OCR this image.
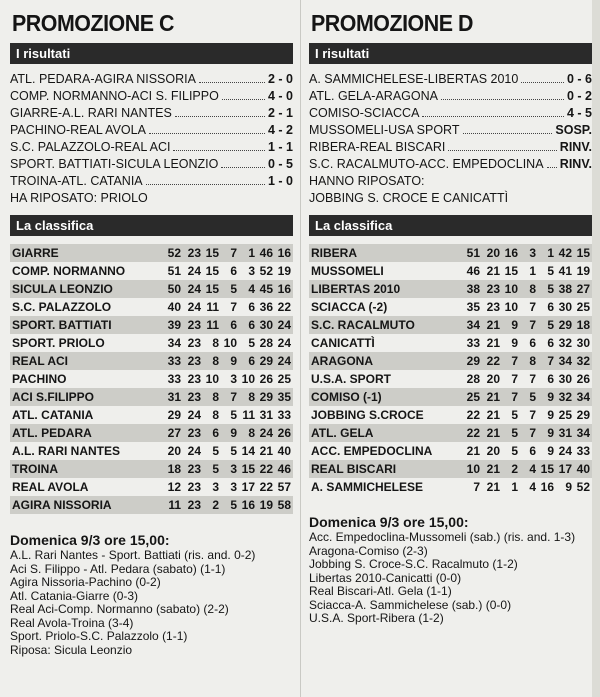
PROMOZIONE C
I risultati
ATL. PEDARA-AGIRA NISSORIA	2 - 0
COMP. NORMANNO-ACI S. FILIPPO	4 - 0
GIARRE-A.L. RARI NANTES	2 - 1
PACHINO-REAL AVOLA	4 - 2
S.C. PALAZZOLO-REAL ACI	1 - 1
SPORT. BATTIATI-SICULA LEONZIO	0 - 5
TROINA-ATL. CATANIA	1 - 0
HA RIPOSATO: PRIOLO
La classifica
GIARRE	52	23	15	7	1	46	16
COMP. NORMANNO	51	24	15	6	3	52	19
SICULA LEONZIO	50	24	15	5	4	45	16
S.C. PALAZZOLO	40	24	11	7	6	36	22
SPORT. BATTIATI	39	23	11	6	6	30	24
SPORT. PRIOLO	34	23	8	10	5	28	24
REAL ACI	33	23	8	9	6	29	24
PACHINO	33	23	10	3	10	26	25
ACI S.FILIPPO	31	23	8	7	8	29	35
ATL. CATANIA	29	24	8	5	11	31	33
ATL. PEDARA	27	23	6	9	8	24	26
A.L. RARI NANTES	20	24	5	5	14	21	40
TROINA	18	23	5	3	15	22	46
REAL AVOLA	12	23	3	3	17	22	57
AGIRA NISSORIA	11	23	2	5	16	19	58
Domenica 9/3 ore 15,00:
A.L. Rari Nantes - Sport. Battiati (ris. and. 0-2)
Aci S. Filippo - Atl. Pedara (sabato) (1-1)
Agira Nissoria-Pachino (0-2)
Atl. Catania-Giarre (0-3)
Real Aci-Comp. Normanno (sabato) (2-2)
Real Avola-Troina (3-4)
Sport. Priolo-S.C. Palazzolo (1-1)
Riposa: Sicula Leonzio
PROMOZIONE D
I risultati
A. SAMMICHELESE-LIBERTAS 2010	0 - 6
ATL. GELA-ARAGONA	0 - 2
COMISO-SCIACCA	4 - 5
MUSSOMELI-USA SPORT	SOSP.
RIBERA-REAL BISCARI	RINV.
S.C. RACALMUTO-ACC. EMPEDOCLINA RINV.
HANNO RIPOSATO:
JOBBING S. CROCE E CANICATTÌ
La classifica
RIBERA	51	20	16	3	1	42	15
MUSSOMELI	46	21	15	1	5	41	19
LIBERTAS 2010	38	23	10	8	5	38	27
SCIACCA (-2)	35	23	10	7	6	30	25
S.C. RACALMUTO	34	21	9	7	5	29	18
CANICATTÌ	33	21	9	6	6	32	30
ARAGONA	29	22	7	8	7	34	32
U.S.A. SPORT	28	20	7	7	6	30	26
COMISO (-1)	25	21	7	5	9	32	34
JOBBING S.CROCE	22	21	5	7	9	25	29
ATL. GELA	22	21	5	7	9	31	34
ACC. EMPEDOCLINA	21	20	5	6	9	24	33
REAL BISCARI	10	21	2	4	15	17	40
A. SAMMICHELESE	7	21	1	4	16	9	52
Domenica 9/3 ore 15,00:
Acc. Empedoclina-Mussomeli (sab.) (ris. and. 1-3)
Aragona-Comiso (2-3)
Jobbing S. Croce-S.C. Racalmuto (1-2)
Libertas 2010-Canicatti (0-0)
Real Biscari-Atl. Gela (1-1)
Sciacca-A. Sammichelese (sab.) (0-0)
U.S.A. Sport-Ribera (1-2)
